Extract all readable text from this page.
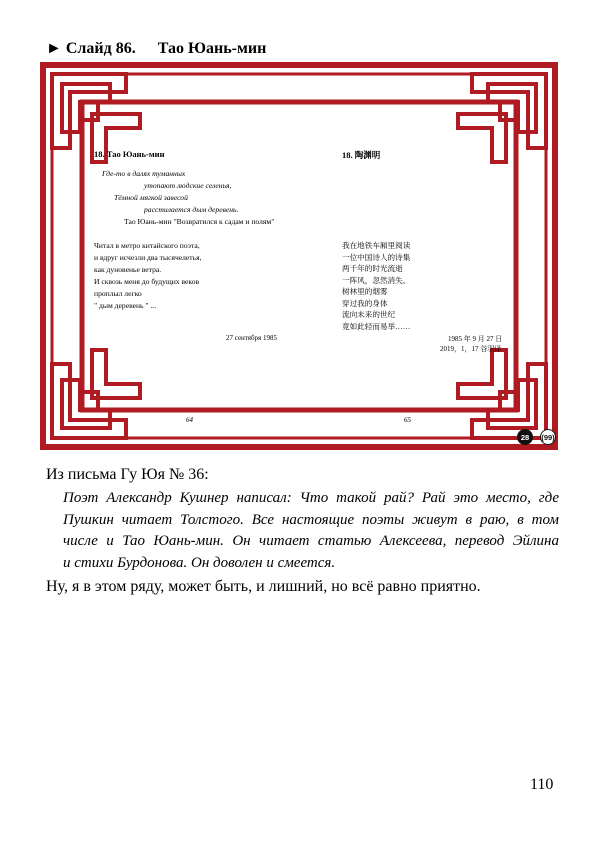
► Слайд 86. Тао Юань-мин
18. Тао Юань-мин
Где-то в далях туманных
утопают людские селенья,
Тёмной мягкой завесой
расстилается дым деревень.
Тао Юань-мин "Возвратился к садам и полям"
Читал в метро китайского поэта,
и вдруг исчезли два тысячелетья,
как дуновенье ветра.
И сквозь меня до будущих веков
проплыл легко
" дым деревень " ...
27 сентября 1985
64
18. 陶渊明
我在地铁车厢里阅读
一位中国诗人的诗集
两千年的时光流逝
一阵风，忽然消失。
树林里的烟雾
穿过我的身体
流向未来的世纪
竟如此轻而易举……
1985 年 9 月 27 日
2019，1，17 谷羽译
65
28	(99)
Из письма Гу Юя № 36:
Поэт Александр Кушнер написал: Что такой рай? Рай это место, где
Пушкин читает Толстого. Все настоящие поэты живут в раю, в том
числе и Тао Юань-мин. Он читает статью Алексеева, перевод Эйлина
и стихи Бурдонова. Он доволен и смеется.
Ну, я в этом ряду, может быть, и лишний, но всё равно приятно.
110
